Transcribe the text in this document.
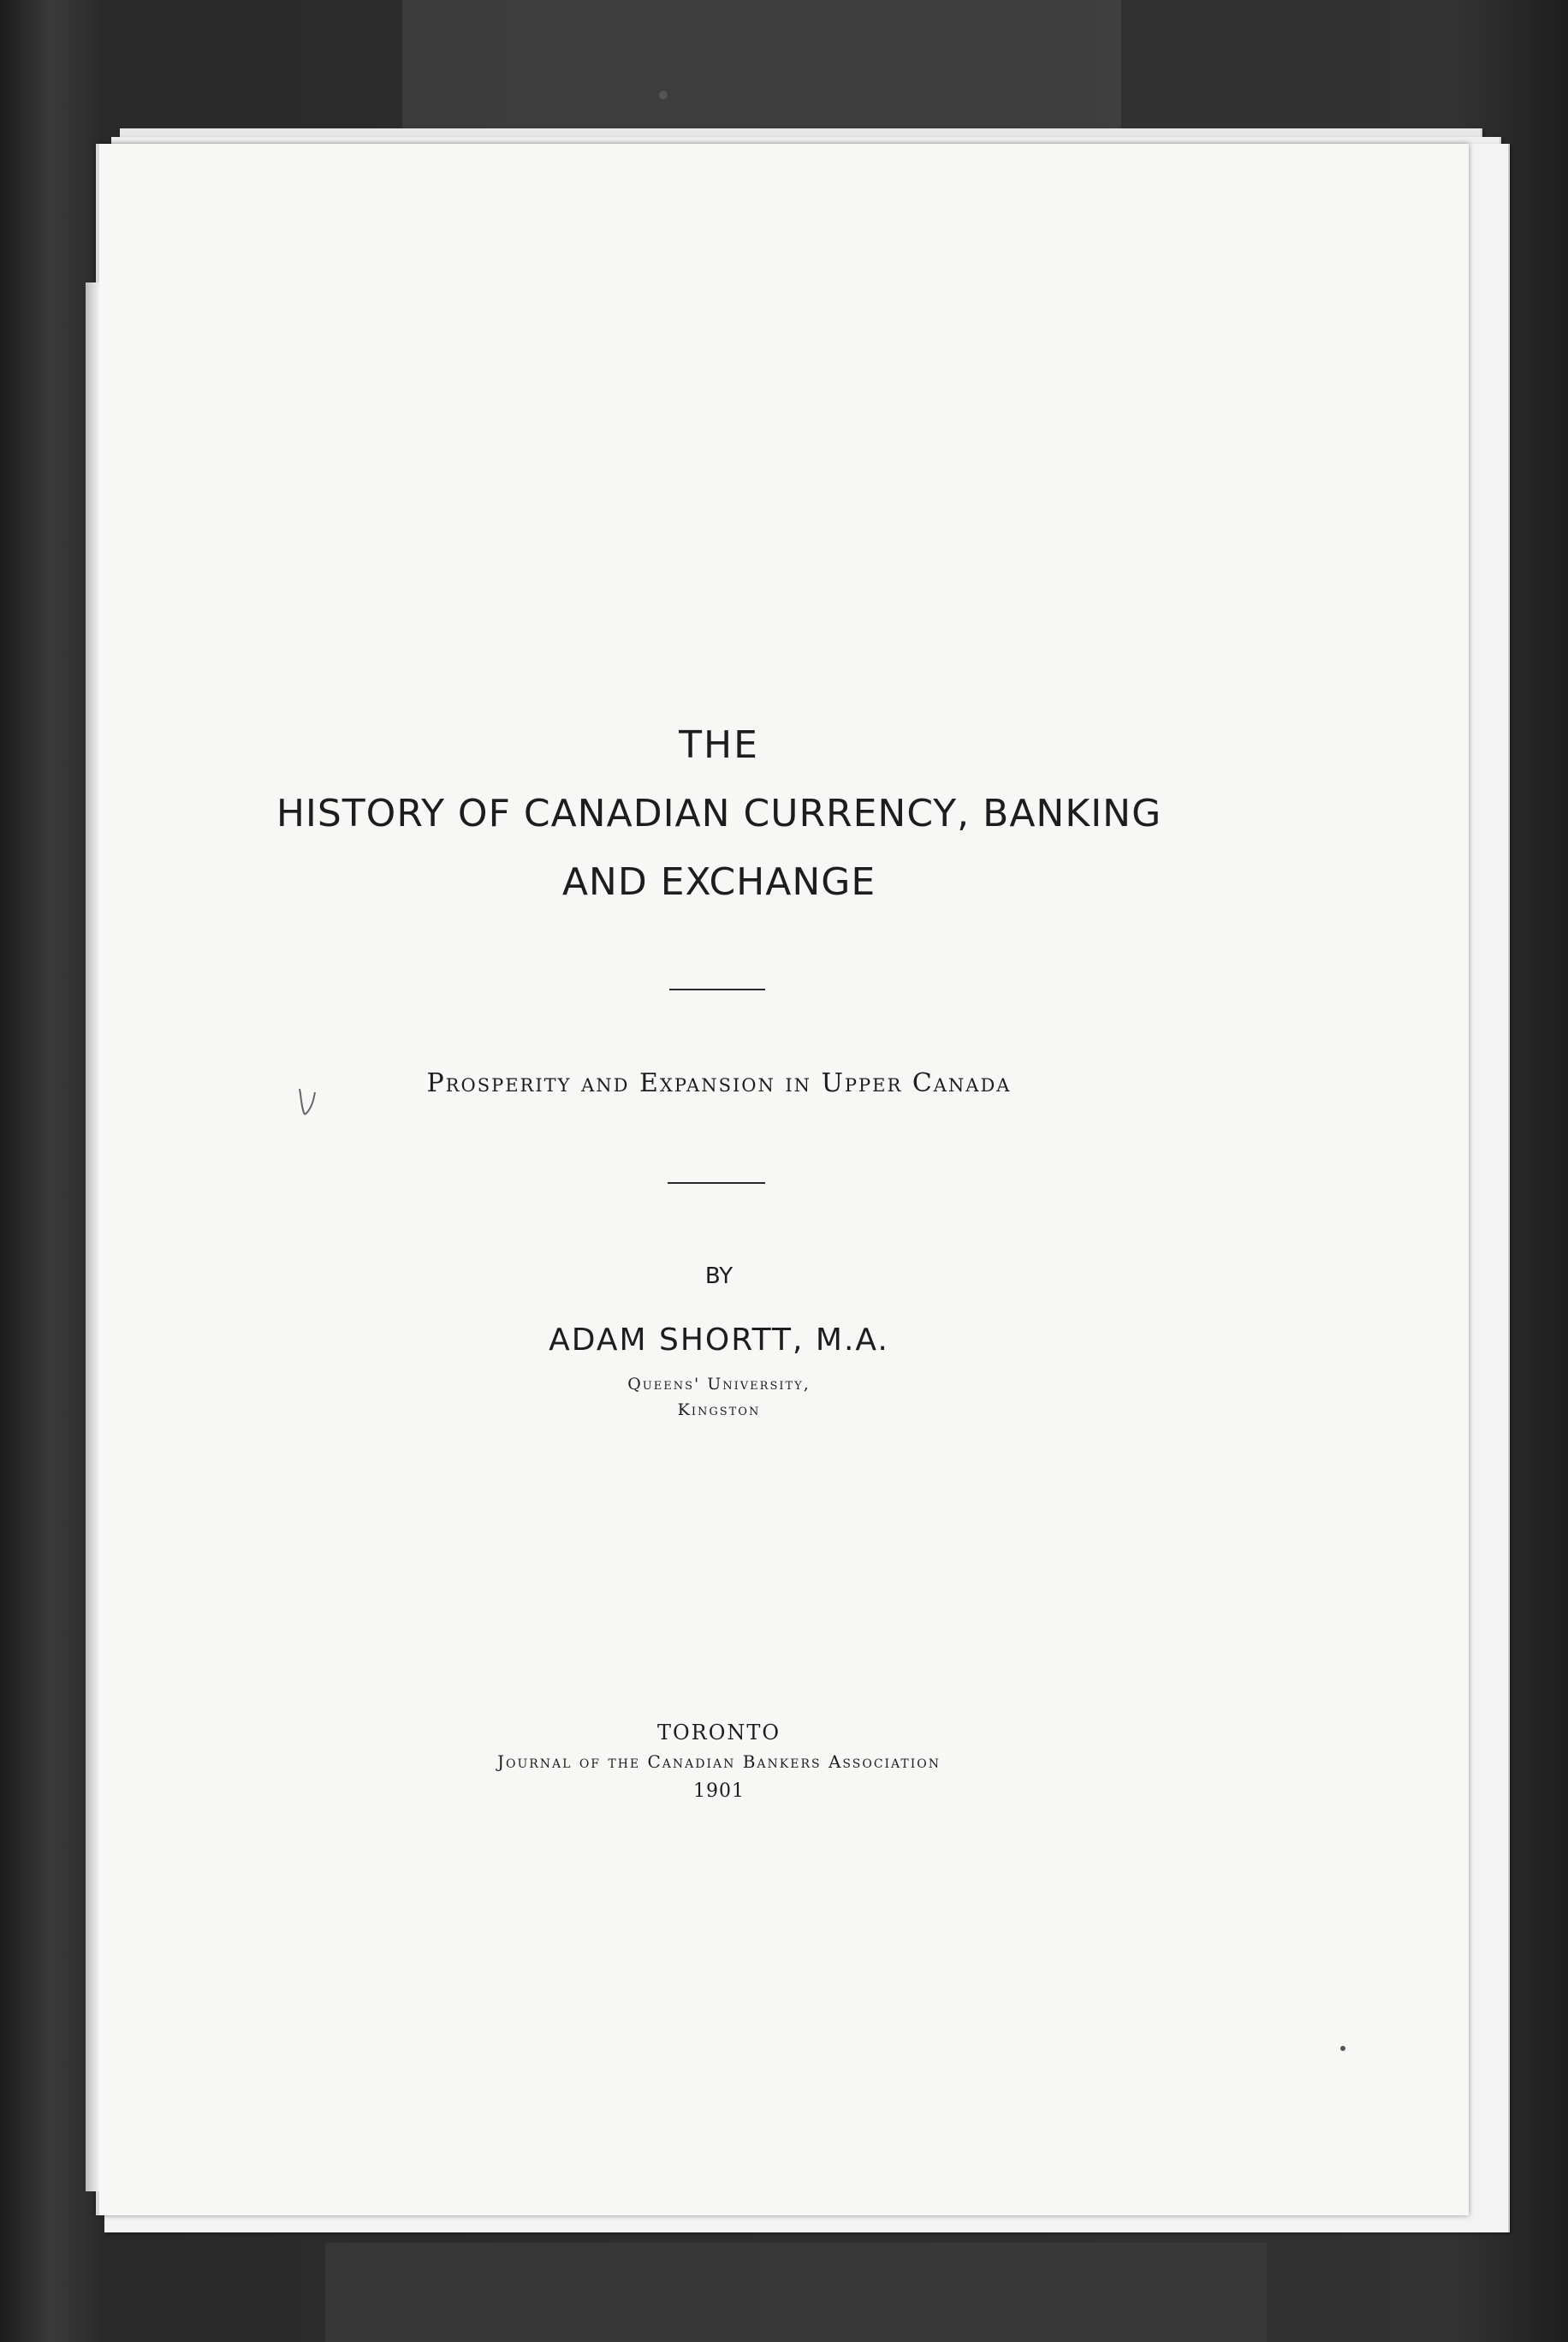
THE
HISTORY OF CANADIAN CURRENCY, BANKING
AND EXCHANGE
Prosperity and Expansion in Upper Canada
BY
ADAM SHORTT, M.A.
Queens' University,
Kingston
TORONTO
Journal of the Canadian Bankers Association
1901
